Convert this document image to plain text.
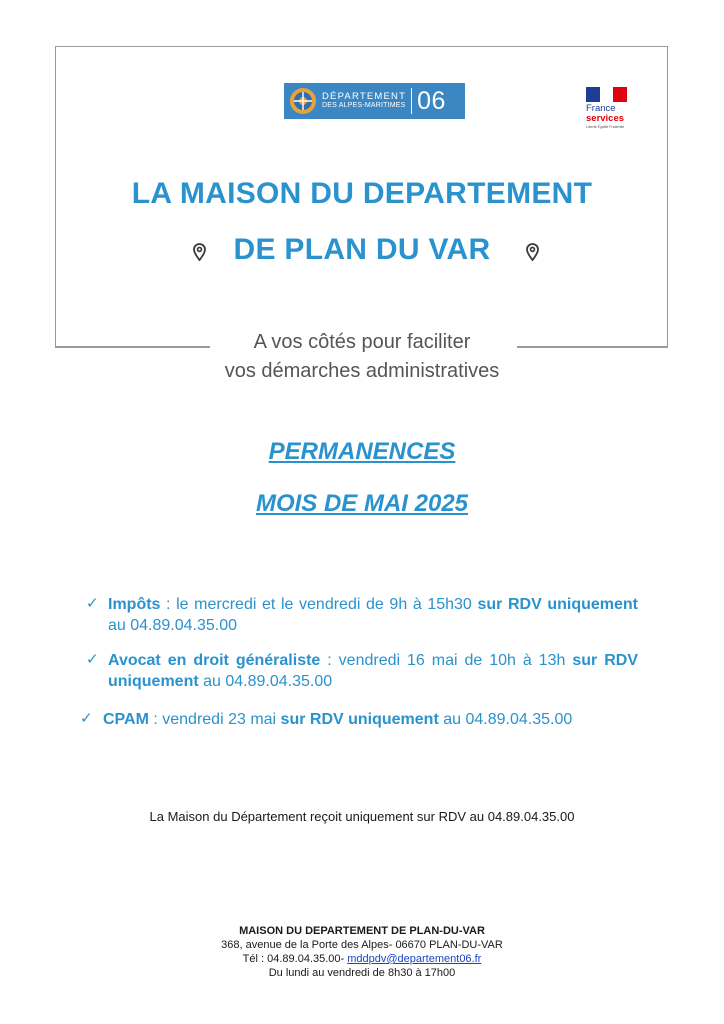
DÉPARTEMENT
DES ALPES-MARITIMES 06	France
services
Liberté Égalité Fraternité
LA MAISON DU DEPARTEMENT
DE PLAN DU VAR
A vos côtés pour faciliter
vos démarches administratives
PERMANENCES
MOIS DE MAI 2025
✓ Impôts : le mercredi et le vendredi de 9h à 15h30 sur RDV uniquement au 04.89.04.35.00

✓ Avocat en droit généraliste : vendredi 16 mai de 10h à 13h sur RDV uniquement au 04.89.04.35.00

✓ CPAM : vendredi 23 mai sur RDV uniquement au 04.89.04.35.00

La Maison du Département reçoit uniquement sur RDV au 04.89.04.35.00
MAISON DU DEPARTEMENT DE PLAN-DU-VAR
368, avenue de la Porte des Alpes- 06670 PLAN-DU-VAR
Tél : 04.89.04.35.00- mddpdv@departement06.fr
Du lundi au vendredi de 8h30 à 17h00
